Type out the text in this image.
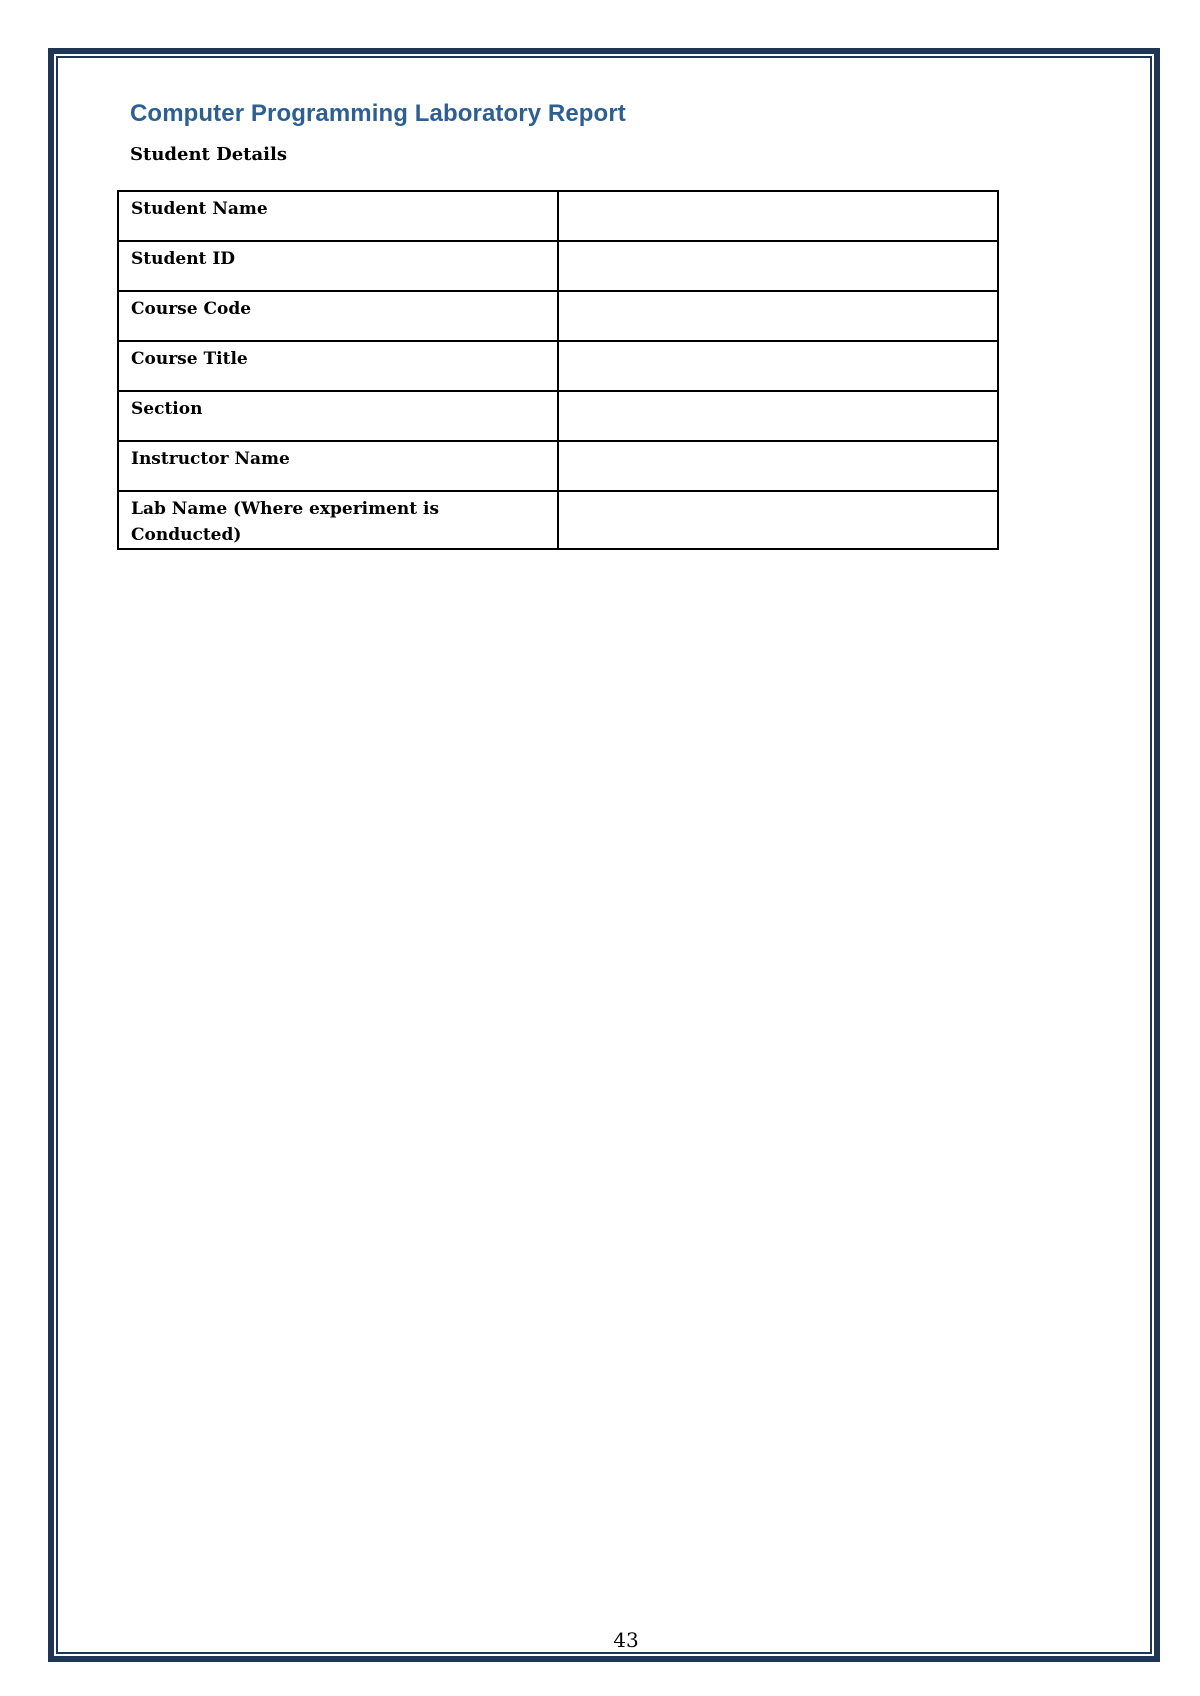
Computer Programming Laboratory Report
Student Details
Student Name	
Student ID	
Course Code	
Course Title	
Section	
Instructor Name	
Lab Name (Where experiment is Conducted)	
43
